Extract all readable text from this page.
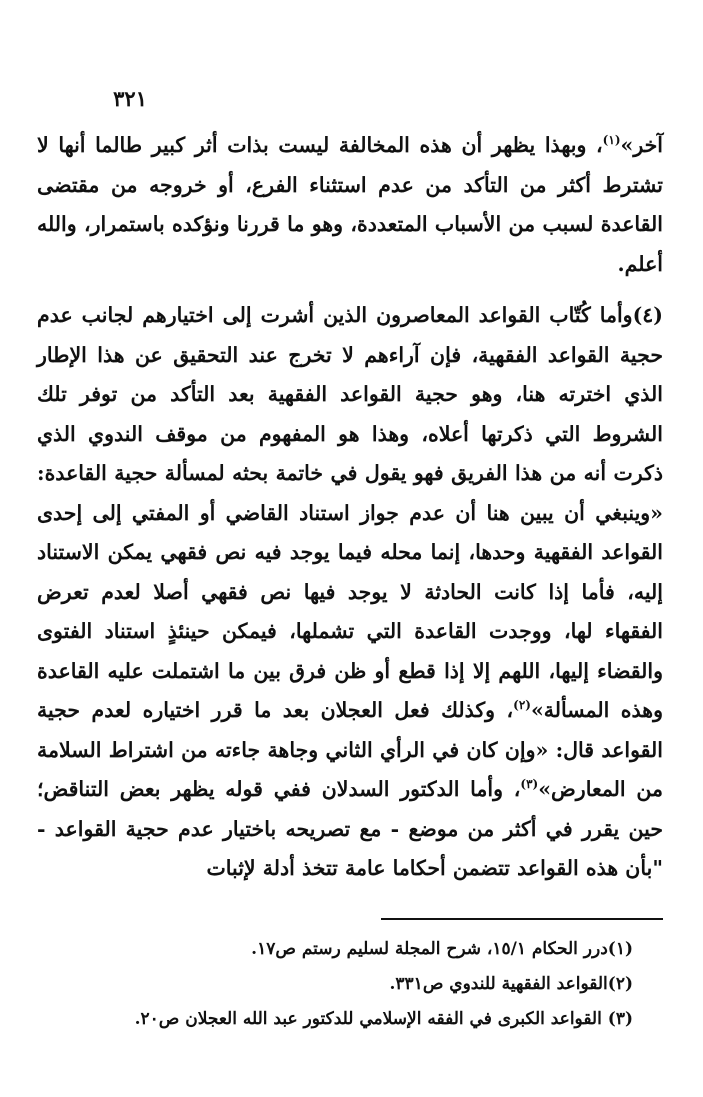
٣٢١

آخر»$^{(١)}$، وبهذا يظهر أن هذه المخالفة ليست بذات أثر كبير طالما أنها لا تشترط أكثر من التأكد من عدم استثناء الفرع، أو خروجه من مقتضى القاعدة لسبب من الأسباب المتعددة، وهو ما قررنا ونؤكده باستمرار، والله أعلم.

(٤)وأما كُتّاب القواعد المعاصرون الذين أشرت إلى اختيارهم لجانب عدم حجية القواعد الفقهية، فإن آراءهم لا تخرج عند التحقيق عن هذا الإطار الذي اخترته هنا، وهو حجية القواعد الفقهية بعد التأكد من توفر تلك الشروط التي ذكرتها أعلاه، وهذا هو المفهوم من موقف الندوي الذي ذكرت أنه من هذا الفريق فهو يقول في خاتمة بحثه لمسألة حجية القاعدة: «وينبغي أن يبين هنا أن عدم جواز استناد القاضي أو المفتي إلى إحدى القواعد الفقهية وحدها، إنما محله فيما يوجد فيه نص فقهي يمكن الاستناد إليه، فأما إذا كانت الحادثة لا يوجد فيها نص فقهي أصلا لعدم تعرض الفقهاء لها، ووجدت القاعدة التي تشملها، فيمكن حينئذٍ استناد الفتوى والقضاء إليها، اللهم إلا إذا قطع أو ظن فرق بين ما اشتملت عليه القاعدة وهذه المسألة»$^{(٢)}$، وكذلك فعل العجلان بعد ما قرر اختياره لعدم حجية القواعد قال: «وإن كان في الرأي الثاني وجاهة جاءته من اشتراط السلامة من المعارض»$^{(٣)}$، وأما الدكتور السدلان ففي قوله يظهر بعض التناقض؛ حين يقرر في أكثر من موضع - مع تصريحه باختيار عدم حجية القواعد - "بأن هذه القواعد تتضمن أحكاما عامة تتخذ أدلة لإثبات

(١)درر الحكام ١٥/١، شرح المجلة لسليم رستم ص١٧.
(٢)القواعد الفقهية للندوي ص٣٣١.
(٣) القواعد الكبرى في الفقه الإسلامي للدكتور عبد الله العجلان ص٢٠.
